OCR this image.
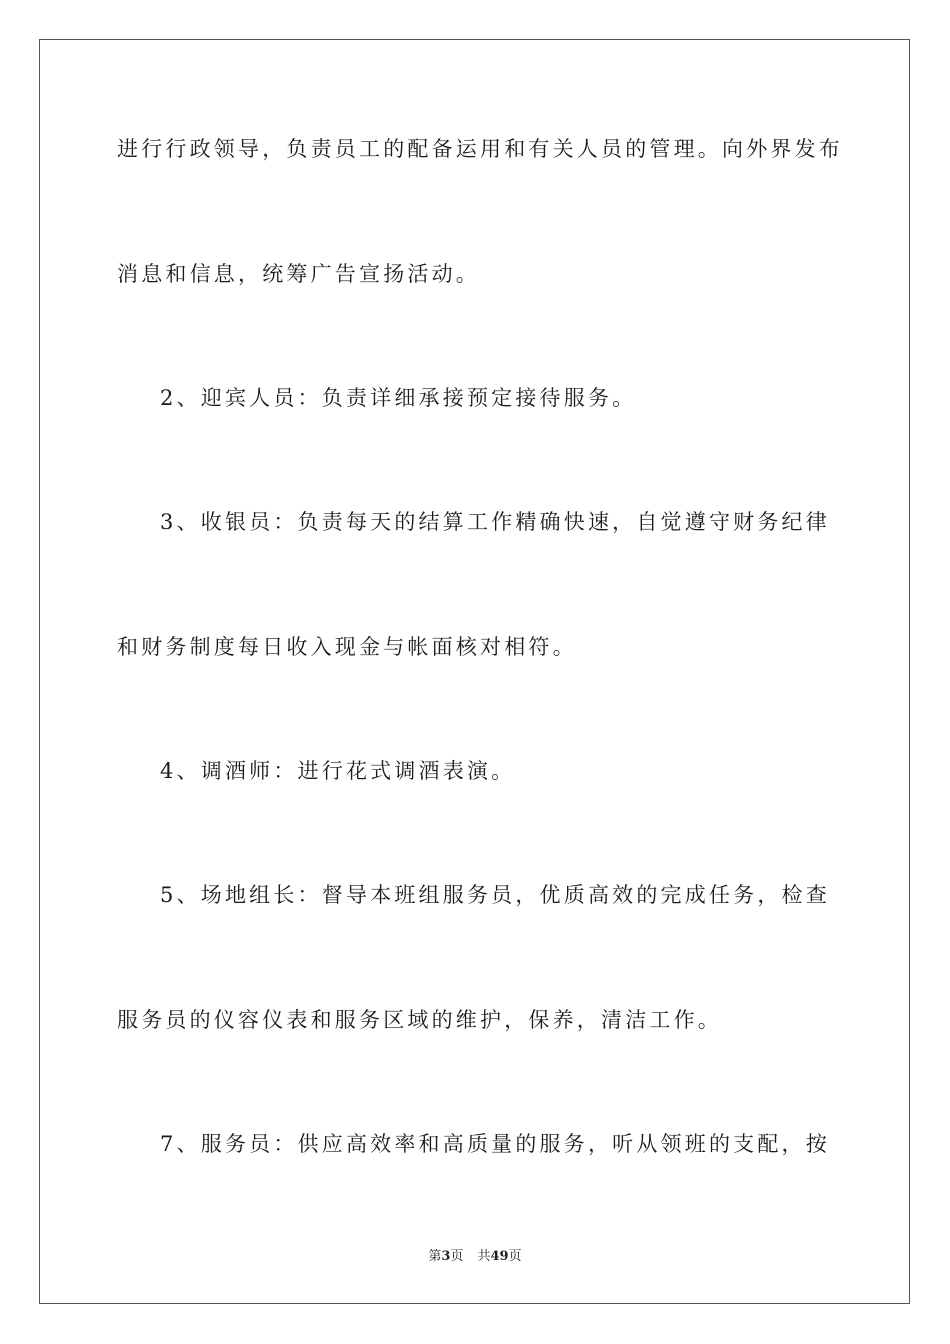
进行行政领导，负责员工的配备运用和有关人员的管理。向外界发布
消息和信息，统筹广告宣扬活动。
2、迎宾人员：负责详细承接预定接待服务。
3、收银员：负责每天的结算工作精确快速，自觉遵守财务纪律
和财务制度每日收入现金与帐面核对相符。
4、调酒师：进行花式调酒表演。
5、场地组长：督导本班组服务员，优质高效的完成任务，检查
服务员的仪容仪表和服务区域的维护，保养，清洁工作。
7、服务员：供应高效率和高质量的服务，听从领班的支配，按
第3页 共49页
